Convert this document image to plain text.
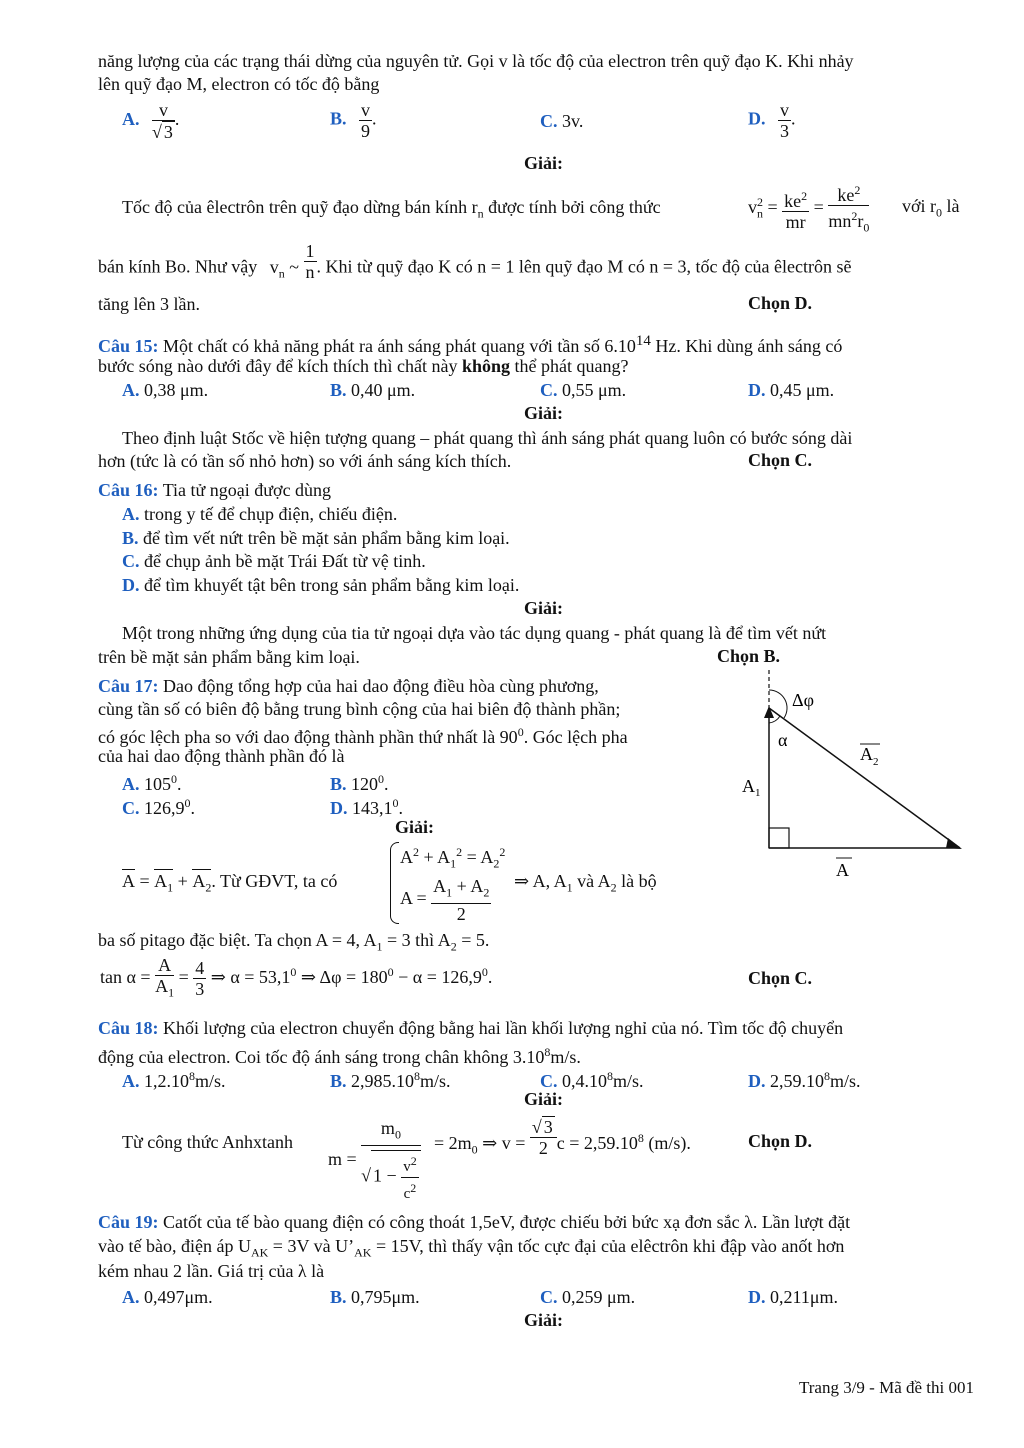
năng lượng của các trạng thái dừng của nguyên tử. Gọi v là tốc độ của electron trên quỹ đạo K. Khi nhảy
lên quỹ đạo M, electron có tốc độ bằng
A. $\frac{v}{√ 3}$ .	B. $\frac{v}{9}$ .	C. 3v.	D. $\frac{v}{3}$ .
Giải:
Tốc độ của êlectrôn trên quỹ đạo dừng bán kính $r_n$ được tính bởi công thức	$v_n^2 = \frac{ke^2}{mr} = \frac{ke^2}{mn^2r_0}$ với $r_0$ là
bán kính Bo. Như vậy $v_n$ ~ $\frac{1}{n}$ . Khi từ quỹ đạo K có n = 1 lên quỹ đạo M có n = 3, tốc độ của êlectrôn sẽ
tăng lên 3 lần.	Chọn D.
Câu 15: Một chất có khả năng phát ra ánh sáng phát quang với tần số 6.10$^{14}$ Hz. Khi dùng ánh sáng có
bước sóng nào dưới đây để kích thích thì chất này không thể phát quang?
A. 0,38 μm.	B. 0,40 μm.	C. 0,55 μm.	D. 0,45 μm.
Giải:
Theo định luật Stốc về hiện tượng quang – phát quang thì ánh sáng phát quang luôn có bước sóng dài
hơn (tức là có tần số nhỏ hơn) so với ánh sáng kích thích.	Chọn C.
Câu 16: Tia tử ngoại được dùng
A. trong y tế để chụp điện, chiếu điện.
B. để tìm vết nứt trên bề mặt sản phẩm bằng kim loại.
C. để chụp ảnh bề mặt Trái Đất từ vệ tinh.
D. để tìm khuyết tật bên trong sản phẩm bằng kim loại.
Giải:
Một trong những ứng dụng của tia tử ngoại dựa vào tác dụng quang - phát quang là để tìm vết nứt
trên bề mặt sản phẩm bằng kim loại.	Chọn B.
Câu 17: Dao động tổng hợp của hai dao động điều hòa cùng phương,
cùng tần số có biên độ bằng trung bình cộng của hai biên độ thành phần;
có góc lệch pha so với dao động thành phần thứ nhất là $90^0$. Góc lệch pha
của hai dao động thành phần đó là
A. $105^0$.	B. $120^0$.
C. 126,9$^0$.	D. 143,1$^0$.
Giải:
Δφ
α
A 2
A 1
A
$A = A_1 + A_2$. Từ GĐVT, ta có
$A^2 + A_1^2 = A_2^2$
$A = \frac{A_1 + A_2}{2}$ ⇒ A, $A_1$ và $A_2$ là bộ
ba số pitago đặc biệt. Ta chọn A = 4, $A_1 = 3$ thì $A_2 = 5$.
$\tan \alpha = \frac{A}{A_1} = \frac{4}{3}$ ⇒ $\alpha = 53,1^0$ ⇒ $\Delta\varphi = 180^0 - \alpha = 126,9^0$.	Chọn C.
Câu 18: Khối lượng của electron chuyển động bằng hai lần khối lượng nghỉ của nó. Tìm tốc độ chuyển
động của electron. Coi tốc độ ánh sáng trong chân không 3.10$^8$m/s.
A. 1,2.10$^8$m/s.	B. 2,985.10$^8$m/s.	C. 0,4.10$^8$m/s.	D. 2,59.10$^8$m/s.
Giải:
Từ công thức Anhxtanh
$m = \frac{m_0}{√ 1 - \frac{v^2}{c^2}} = 2m_0$ ⇒ $v = \frac{√ 3}{2}$ $c = 2,59.10^8$ (m/s).	Chọn D.
Câu 19: Catốt của tế bào quang điện có công thoát 1,5eV, được chiếu bởi bức xạ đơn sắc λ. Lần lượt đặt
vào tế bào, điện áp $U_{AK} = 3V$ và $U’_{AK} = 15V$, thì thấy vận tốc cực đại của elêctrôn khi đập vào anốt hơn
kém nhau 2 lần. Giá trị của λ là
A. 0,497μm.	B. 0,795μm.	C. 0,259 μm.	D. 0,211μm.
Giải:
Trang 3/9 - Mã đề thi 001
